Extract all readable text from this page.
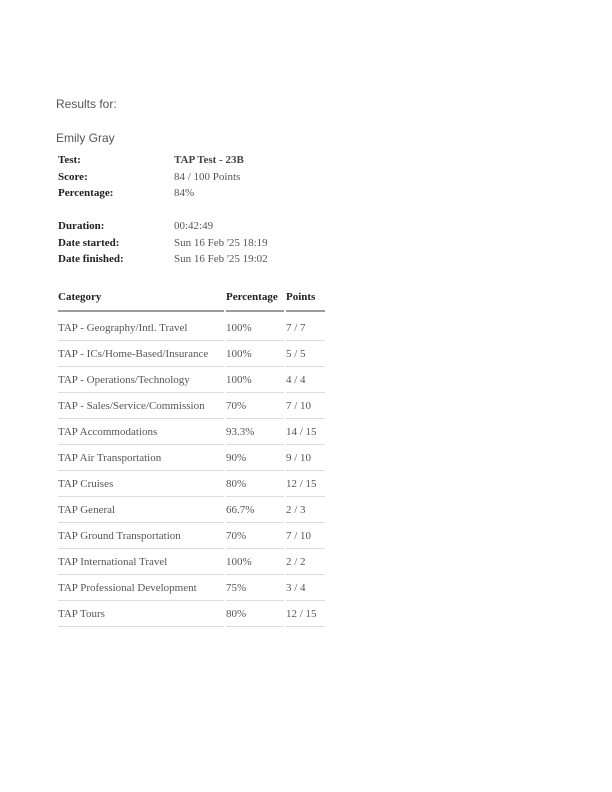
Results for:
Emily Gray
Test:	TAP Test - 23B
Score:	84 / 100 Points
Percentage:	84%
Duration:	00:42:49
Date started:	Sun 16 Feb '25 18:19
Date finished:	Sun 16 Feb '25 19:02
Category	Percentage	Points
TAP - Geography/Intl. Travel	100%	7 / 7
TAP - ICs/Home-Based/Insurance	100%	5 / 5
TAP - Operations/Technology	100%	4 / 4
TAP - Sales/Service/Commission	70%	7 / 10
TAP Accommodations	93.3%	14 / 15
TAP Air Transportation	90%	9 / 10
TAP Cruises	80%	12 / 15
TAP General	66.7%	2 / 3
TAP Ground Transportation	70%	7 / 10
TAP International Travel	100%	2 / 2
TAP Professional Development	75%	3 / 4
TAP Tours	80%	12 / 15
